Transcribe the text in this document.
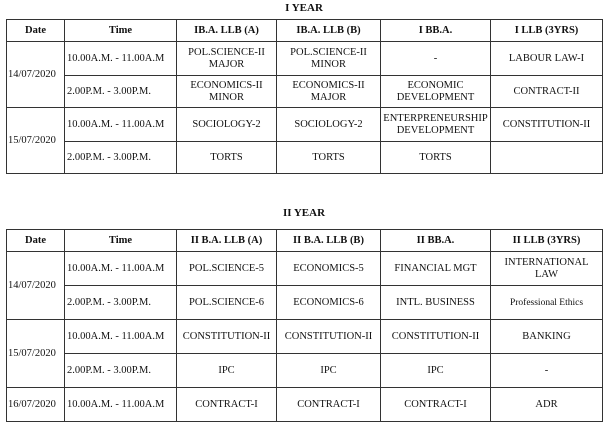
I YEAR
Date	Time	IB.A. LLB (A)	IB.A. LLB (B)	I BB.A.	I LLB (3YRS)
14/07/2020	10.00A.M. - 11.00A.M	POL.SCIENCE-II MAJOR	POL.SCIENCE-II MINOR	-	LABOUR LAW-I
	2.00P.M. - 3.00P.M.	ECONOMICS-II MINOR	ECONOMICS-II MAJOR	ECONOMIC DEVELOPMENT	CONTRACT-II
15/07/2020	10.00A.M. - 11.00A.M	SOCIOLOGY-2	SOCIOLOGY-2	ENTERPRENEURSHIP DEVELOPMENT	CONSTITUTION-II
	2.00P.M. - 3.00P.M.	TORTS	TORTS	TORTS	
II YEAR
Date	Time	II B.A. LLB (A)	II B.A. LLB (B)	II BB.A.	II LLB (3YRS)
14/07/2020	10.00A.M. - 11.00A.M	POL.SCIENCE-5	ECONOMICS-5	FINANCIAL MGT	INTERNATIONAL LAW
	2.00P.M. - 3.00P.M.	POL.SCIENCE-6	ECONOMICS-6	INTL. BUSINESS	Professional Ethics
15/07/2020	10.00A.M. - 11.00A.M	CONSTITUTION-II	CONSTITUTION-II	CONSTITUTION-II	BANKING
	2.00P.M. - 3.00P.M.	IPC	IPC	IPC	-
16/07/2020	10.00A.M. - 11.00A.M	CONTRACT-I	CONTRACT-I	CONTRACT-I	ADR
